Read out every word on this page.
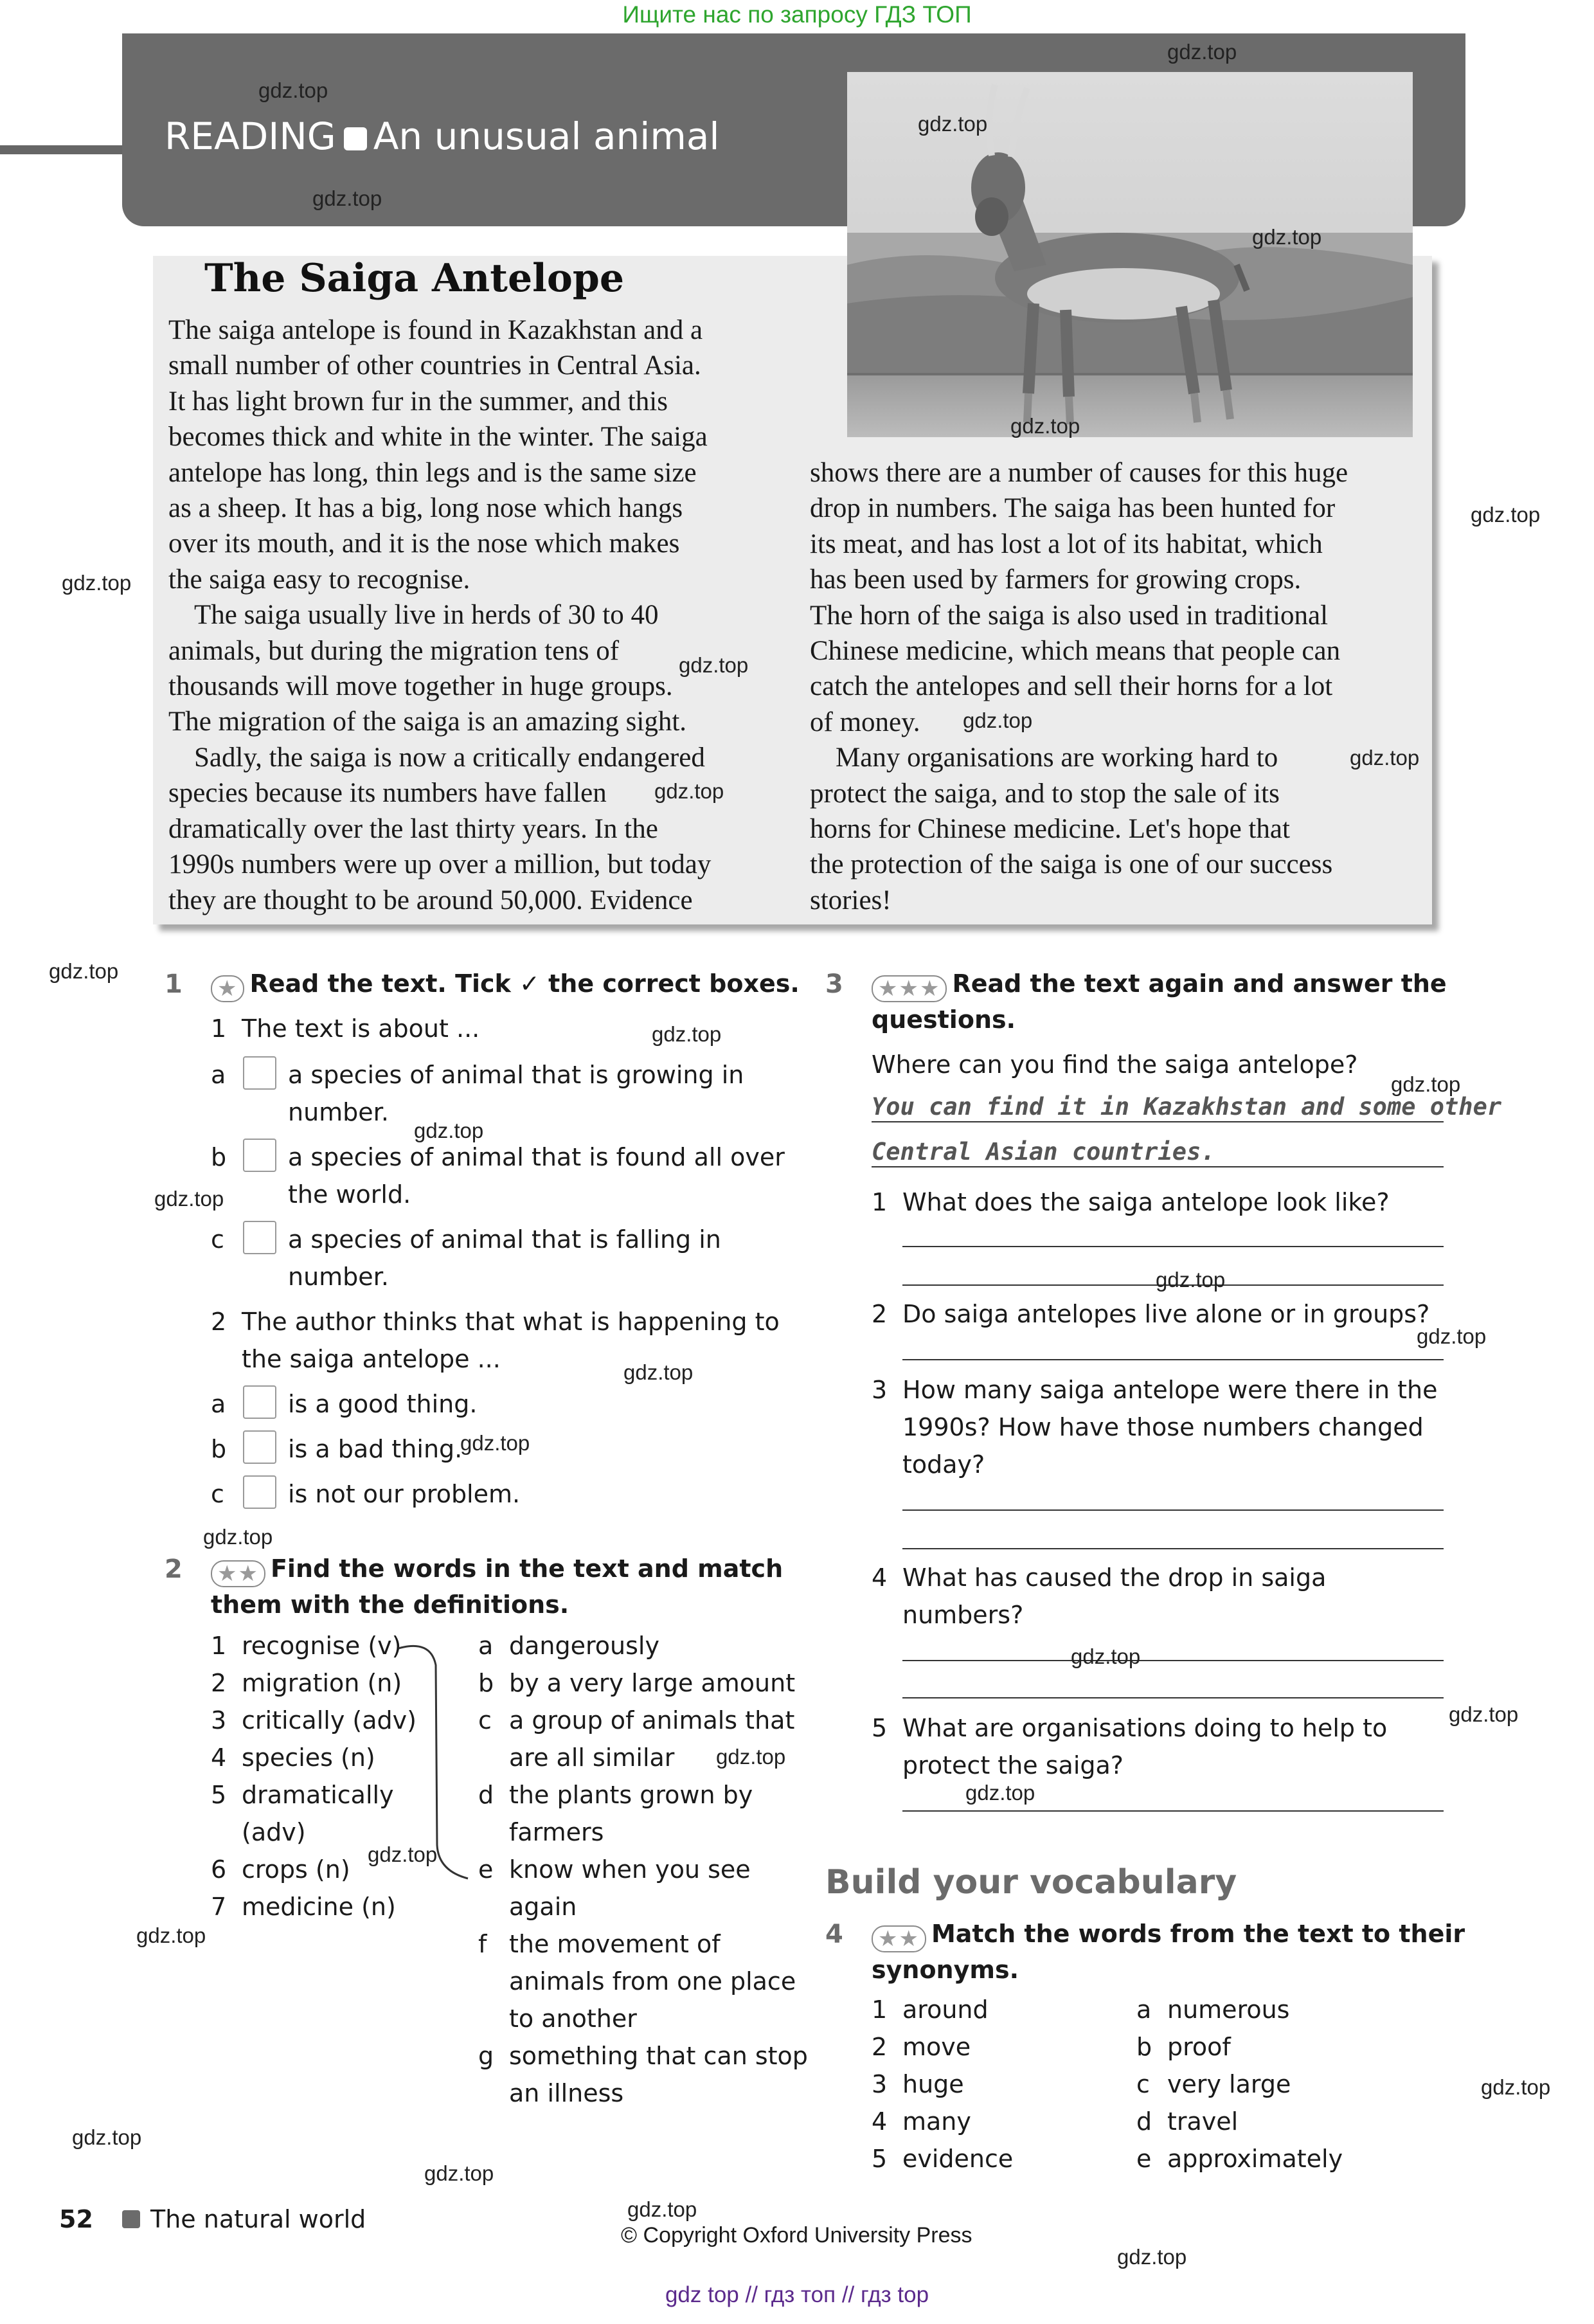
Ищите нас по запросу ГДЗ ТОП
gdz top // гдз топ // гдз top
READING An unusual animal
The Saiga Antelope
The saiga antelope is found in Kazakhstan and a
small number of other countries in Central Asia.
It has light brown fur in the summer, and this
becomes thick and white in the winter. The saiga
antelope has long, thin legs and is the same size
as a sheep. It has a big, long nose which hangs
over its mouth, and it is the nose which makes
the saiga easy to recognise.
The saiga usually live in herds of 30 to 40
animals, but during the migration tens of
thousands will move together in huge groups.
The migration of the saiga is an amazing sight.
Sadly, the saiga is now a critically endangered
species because its numbers have fallen
dramatically over the last thirty years. In the
1990s numbers were up over a million, but today
they are thought to be around 50,000. Evidence
shows there are a number of causes for this huge
drop in numbers. The saiga has been hunted for
its meat, and has lost a lot of its habitat, which
has been used by farmers for growing crops.
The horn of the saiga is also used in traditional
Chinese medicine, which means that people can
catch the antelopes and sell their horns for a lot
of money.
Many organisations are working hard to
protect the saiga, and to stop the sale of its
horns for Chinese medicine. Let's hope that
the protection of the saiga is one of our success
stories!
1 ★ Read the text. Tick ✓ the correct boxes.
1 The text is about ...
a	a species of animal that is growing in
number.
b	a species of animal that is found all over
the world.
c	a species of animal that is falling in
number.
2 The author thinks that what is happening to
the saiga antelope ...
a	is a good thing.
b	is a bad thing.
c	is not our problem.
2 ★★ Find the words in the text and match
them with the definitions.
1 recognise (v)
2 migration (n)
3 critically (adv)
4 species (n)
5 dramatically
(adv)
6 crops (n)
7 medicine (n)
a dangerously
b by a very large amount
c a group of animals that
are all similar
d the plants grown by
farmers
e know when you see
again
f the movement of
animals from one place
to another
g something that can stop
an illness
3 ★★★ Read the text again and answer the
questions.
Where can you find the saiga antelope?
You can find it in Kazakhstan and some other
Central Asian countries.
1 What does the saiga antelope look like?
2 Do saiga antelopes live alone or in groups?
3 How many saiga antelope were there in the
1990s? How have those numbers changed
today?
4 What has caused the drop in saiga
numbers?
5 What are organisations doing to help to
protect the saiga?
Build your vocabulary
4 ★★ Match the words from the text to their
synonyms.
1 around
2 move
3 huge
4 many
5 evidence
a numerous
b proof
c very large
d travel
e approximately
52 The natural world
© Copyright Oxford University Press
gdz.top
gdz.top
gdz.top
gdz.top
gdz.top
gdz.top
gdz.top
gdz.top
gdz.top
gdz.top
gdz.top
gdz.top
gdz.top
gdz.top
gdz.top
gdz.top
gdz.top
gdz.top
gdz.top
gdz.top
gdz.top
gdz.top
gdz.top
gdz.top
gdz.top
gdz.top
gdz.top
gdz.top
gdz.top
gdz.top
gdz.top
gdz.top
gdz.top
